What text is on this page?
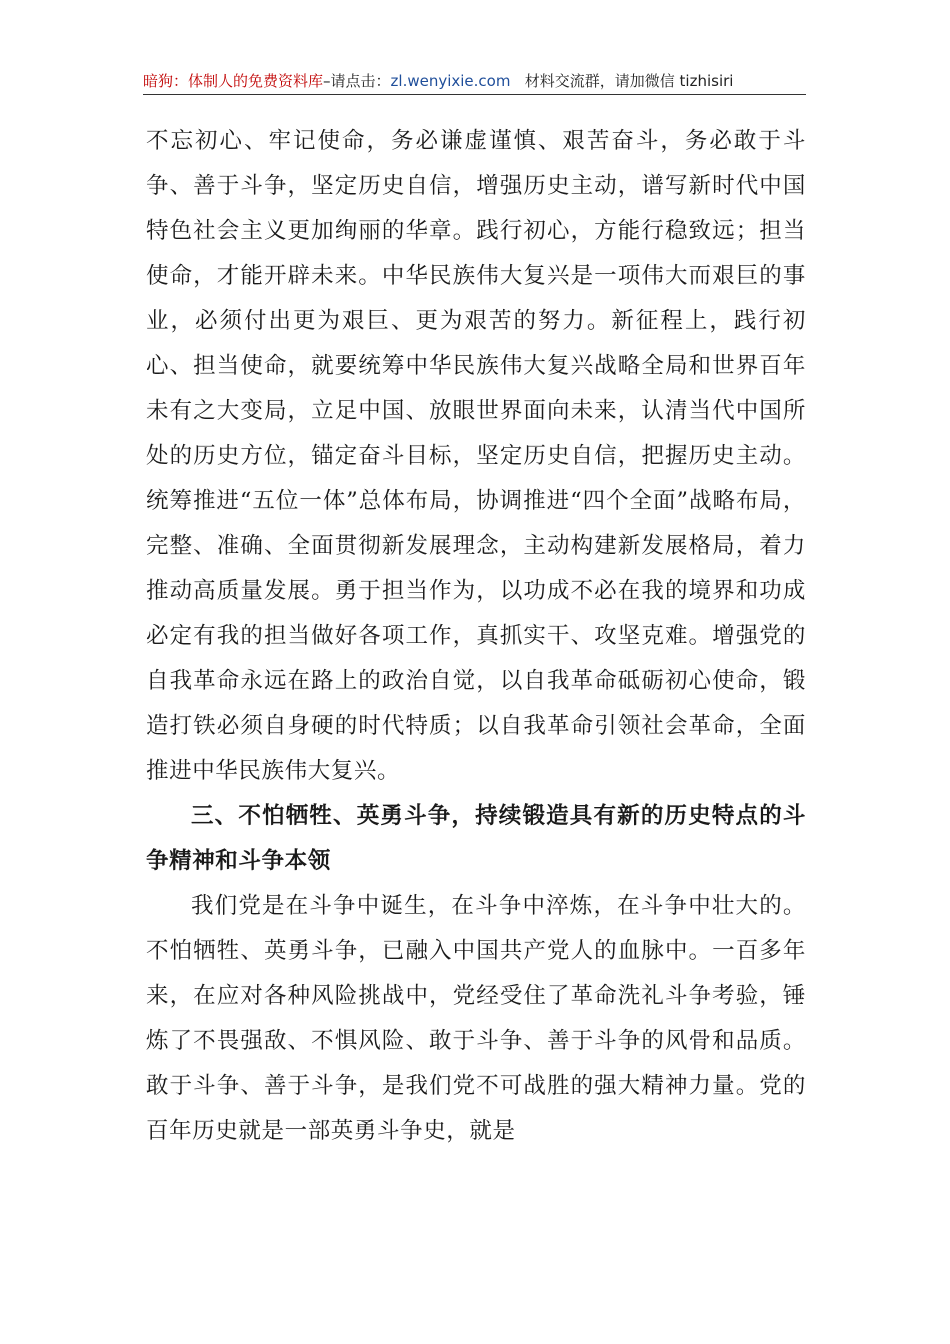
暗狗：体制人的免费资料库–请点击：zl.wenyixie.com 材料交流群，请加微信 tizhisiri

不忘初心、牢记使命，务必谦虚谨慎、艰苦奋斗，务必敢于斗争、善于斗争，坚定历史自信，增强历史主动，谱写新时代中国特色社会主义更加绚丽的华章。践行初心，方能行稳致远；担当使命，才能开辟未来。中华民族伟大复兴是一项伟大而艰巨的事业，必须付出更为艰巨、更为艰苦的努力。新征程上，践行初心、担当使命，就要统筹中华民族伟大复兴战略全局和世界百年未有之大变局，立足中国、放眼世界面向未来，认清当代中国所处的历史方位，锚定奋斗目标，坚定历史自信，把握历史主动。统筹推进“五位一体”总体布局，协调推进“四个全面”战略布局，完整、准确、全面贯彻新发展理念，主动构建新发展格局，着力推动高质量发展。勇于担当作为，以功成不必在我的境界和功成必定有我的担当做好各项工作，真抓实干、攻坚克难。增强党的自我革命永远在路上的政治自觉，以自我革命砥砺初心使命，锻造打铁必须自身硬的时代特质；以自我革命引领社会革命，全面推进中华民族伟大复兴。

三、不怕牺牲、英勇斗争，持续锻造具有新的历史特点的斗争精神和斗争本领

我们党是在斗争中诞生，在斗争中淬炼，在斗争中壮大的。不怕牺牲、英勇斗争，已融入中国共产党人的血脉中。一百多年来，在应对各种风险挑战中，党经受住了革命洗礼斗争考验，锤炼了不畏强敌、不惧风险、敢于斗争、善于斗争的风骨和品质。敢于斗争、善于斗争，是我们党不可战胜的强大精神力量。党的百年历史就是一部英勇斗争史，就是
